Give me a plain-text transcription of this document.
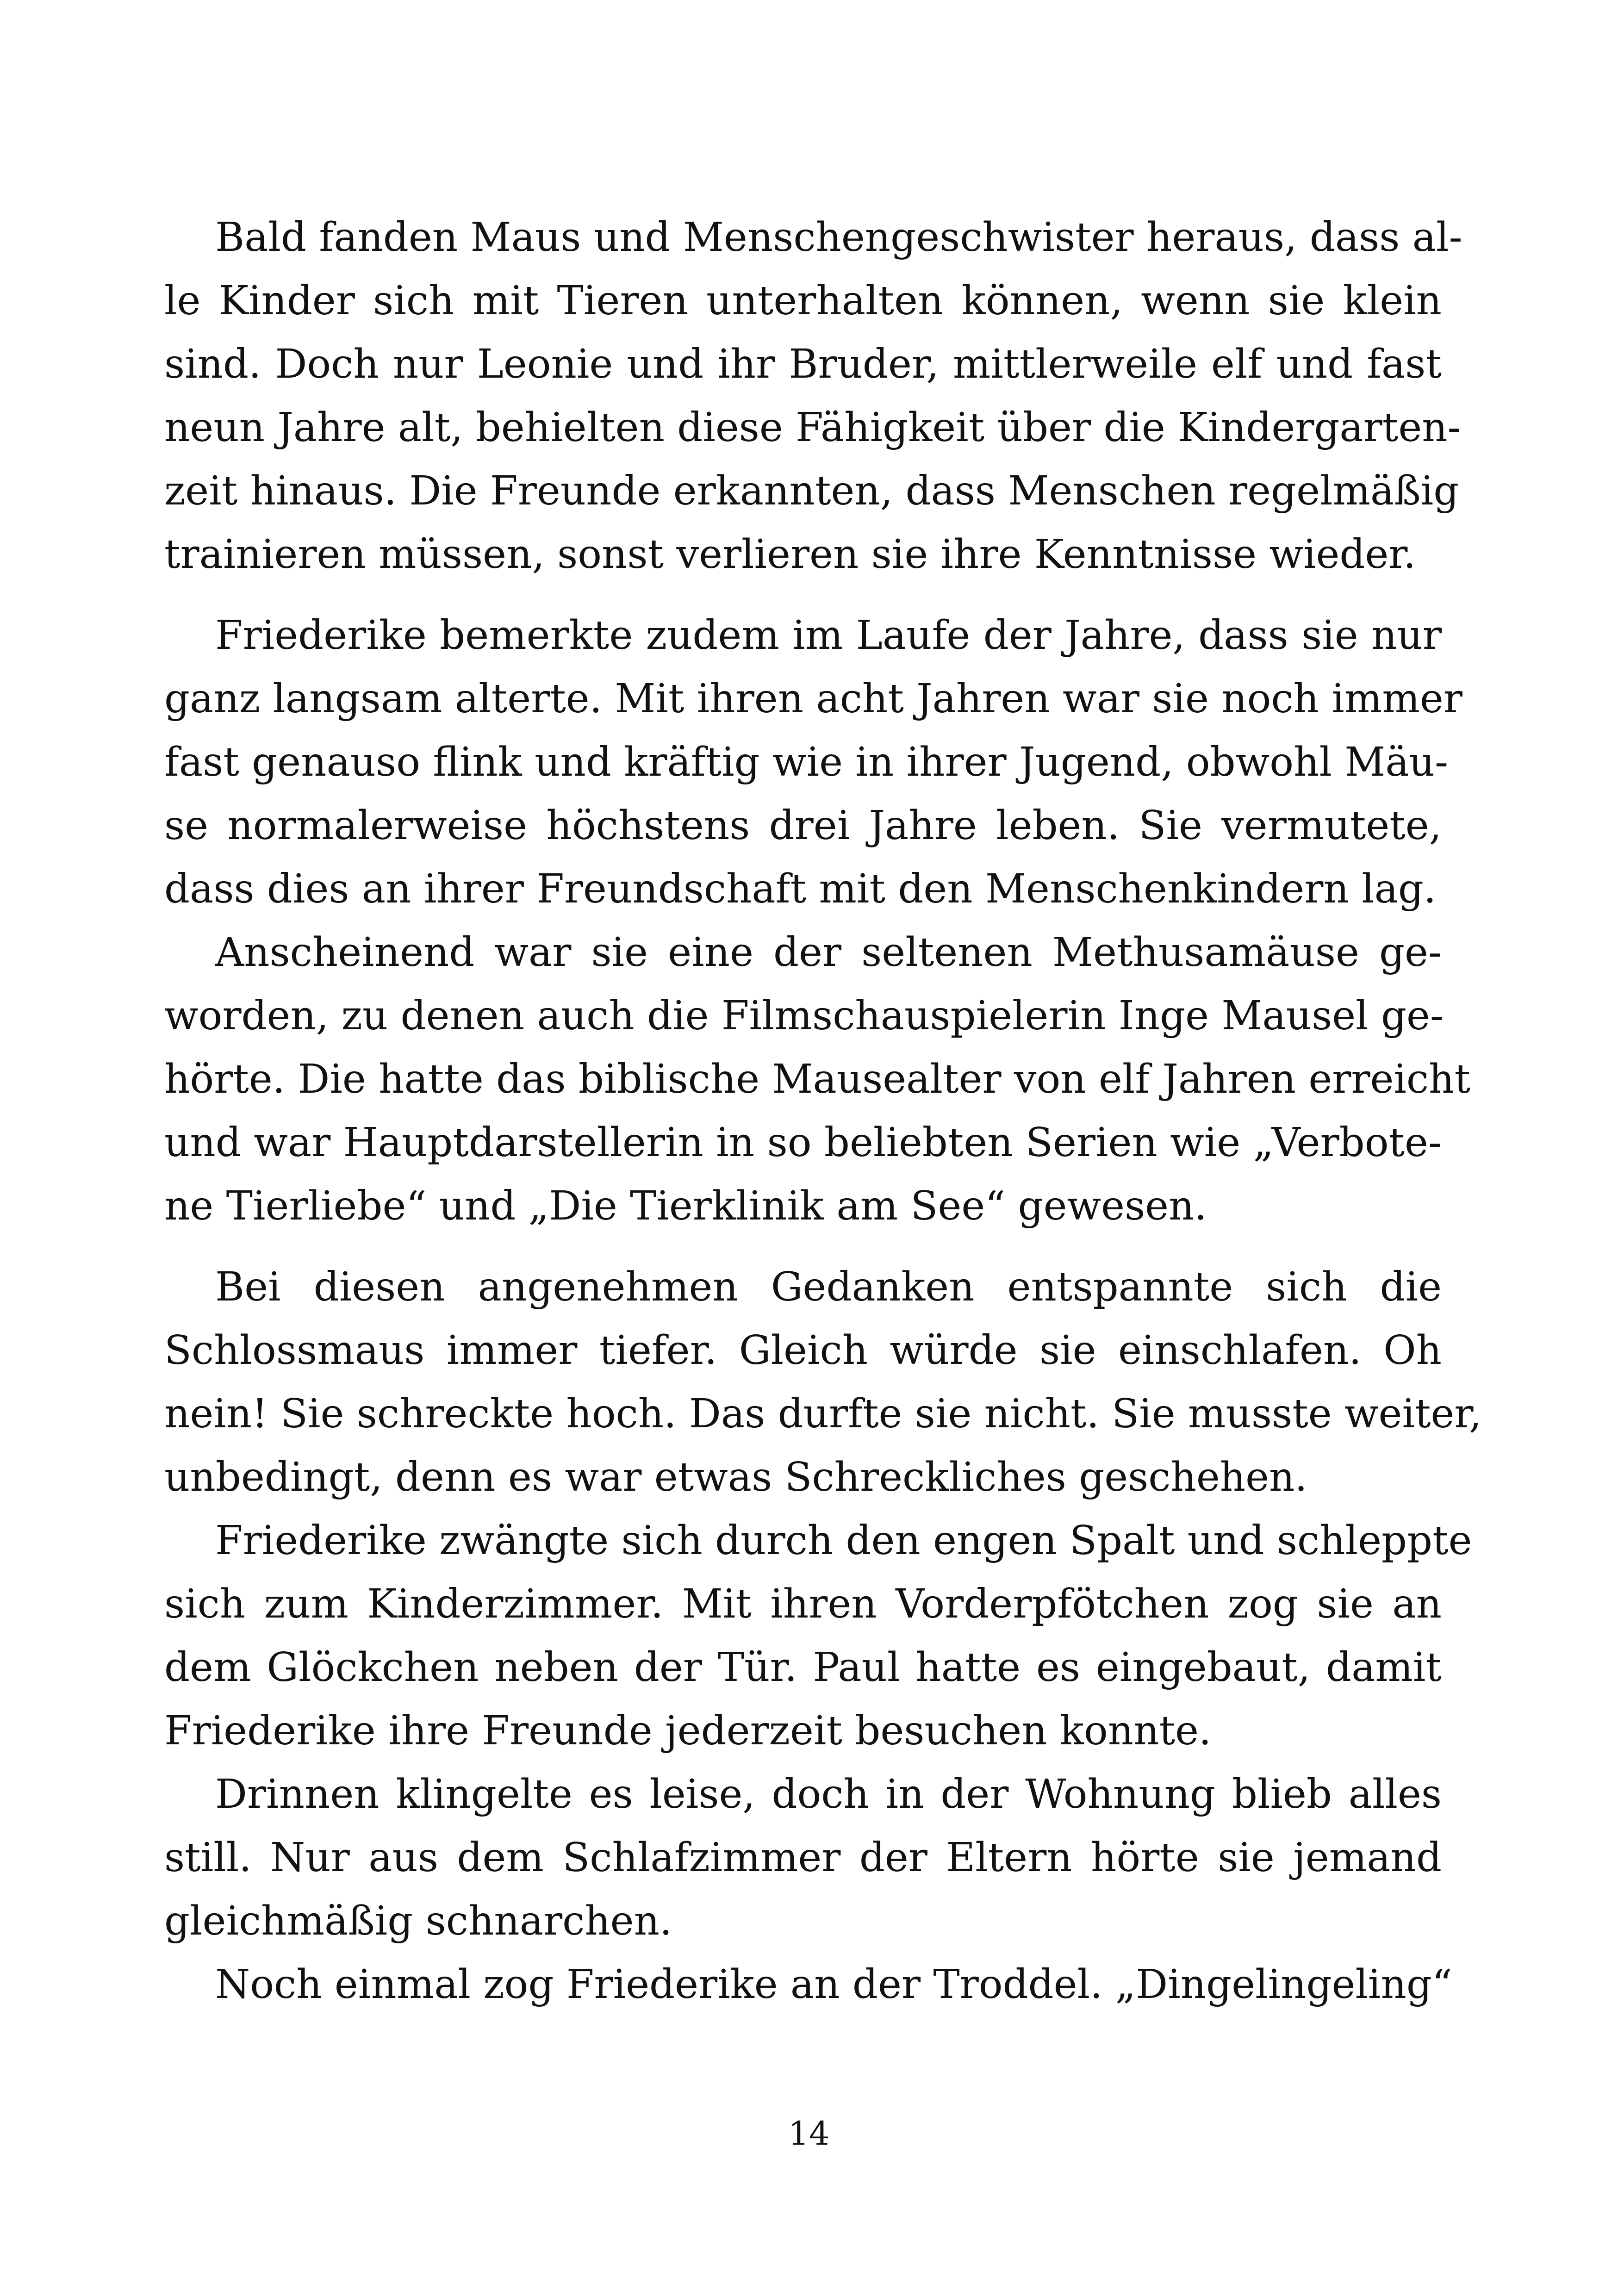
Bald fanden Maus und Menschengeschwister heraus, dass al-
le Kinder sich mit Tieren unterhalten können, wenn sie klein
sind. Doch nur Leonie und ihr Bruder, mittlerweile elf und fast
neun Jahre alt, behielten diese Fähigkeit über die Kindergarten-
zeit hinaus. Die Freunde erkannten, dass Menschen regelmäßig
trainieren müssen, sonst verlieren sie ihre Kenntnisse wieder.
Friederike bemerkte zudem im Laufe der Jahre, dass sie nur
ganz langsam alterte. Mit ihren acht Jahren war sie noch immer
fast genauso flink und kräftig wie in ihrer Jugend, obwohl Mäu-
se normalerweise höchstens drei Jahre leben. Sie vermutete,
dass dies an ihrer Freundschaft mit den Menschenkindern lag.
Anscheinend war sie eine der seltenen Methusamäuse ge-
worden, zu denen auch die Filmschauspielerin Inge Mausel ge-
hörte. Die hatte das biblische Mausealter von elf Jahren erreicht
und war Hauptdarstellerin in so beliebten Serien wie „Verbote-
ne Tierliebe“ und „Die Tierklinik am See“ gewesen.
Bei diesen angenehmen Gedanken entspannte sich die
Schlossmaus immer tiefer. Gleich würde sie einschlafen. Oh
nein! Sie schreckte hoch. Das durfte sie nicht. Sie musste weiter,
unbedingt, denn es war etwas Schreckliches geschehen.
Friederike zwängte sich durch den engen Spalt und schleppte
sich zum Kinderzimmer. Mit ihren Vorderpfötchen zog sie an
dem Glöckchen neben der Tür. Paul hatte es eingebaut, damit
Friederike ihre Freunde jederzeit besuchen konnte.
Drinnen klingelte es leise, doch in der Wohnung blieb alles
still. Nur aus dem Schlafzimmer der Eltern hörte sie jemand
gleichmäßig schnarchen.
Noch einmal zog Friederike an der Troddel. „Dingelingeling“
14
